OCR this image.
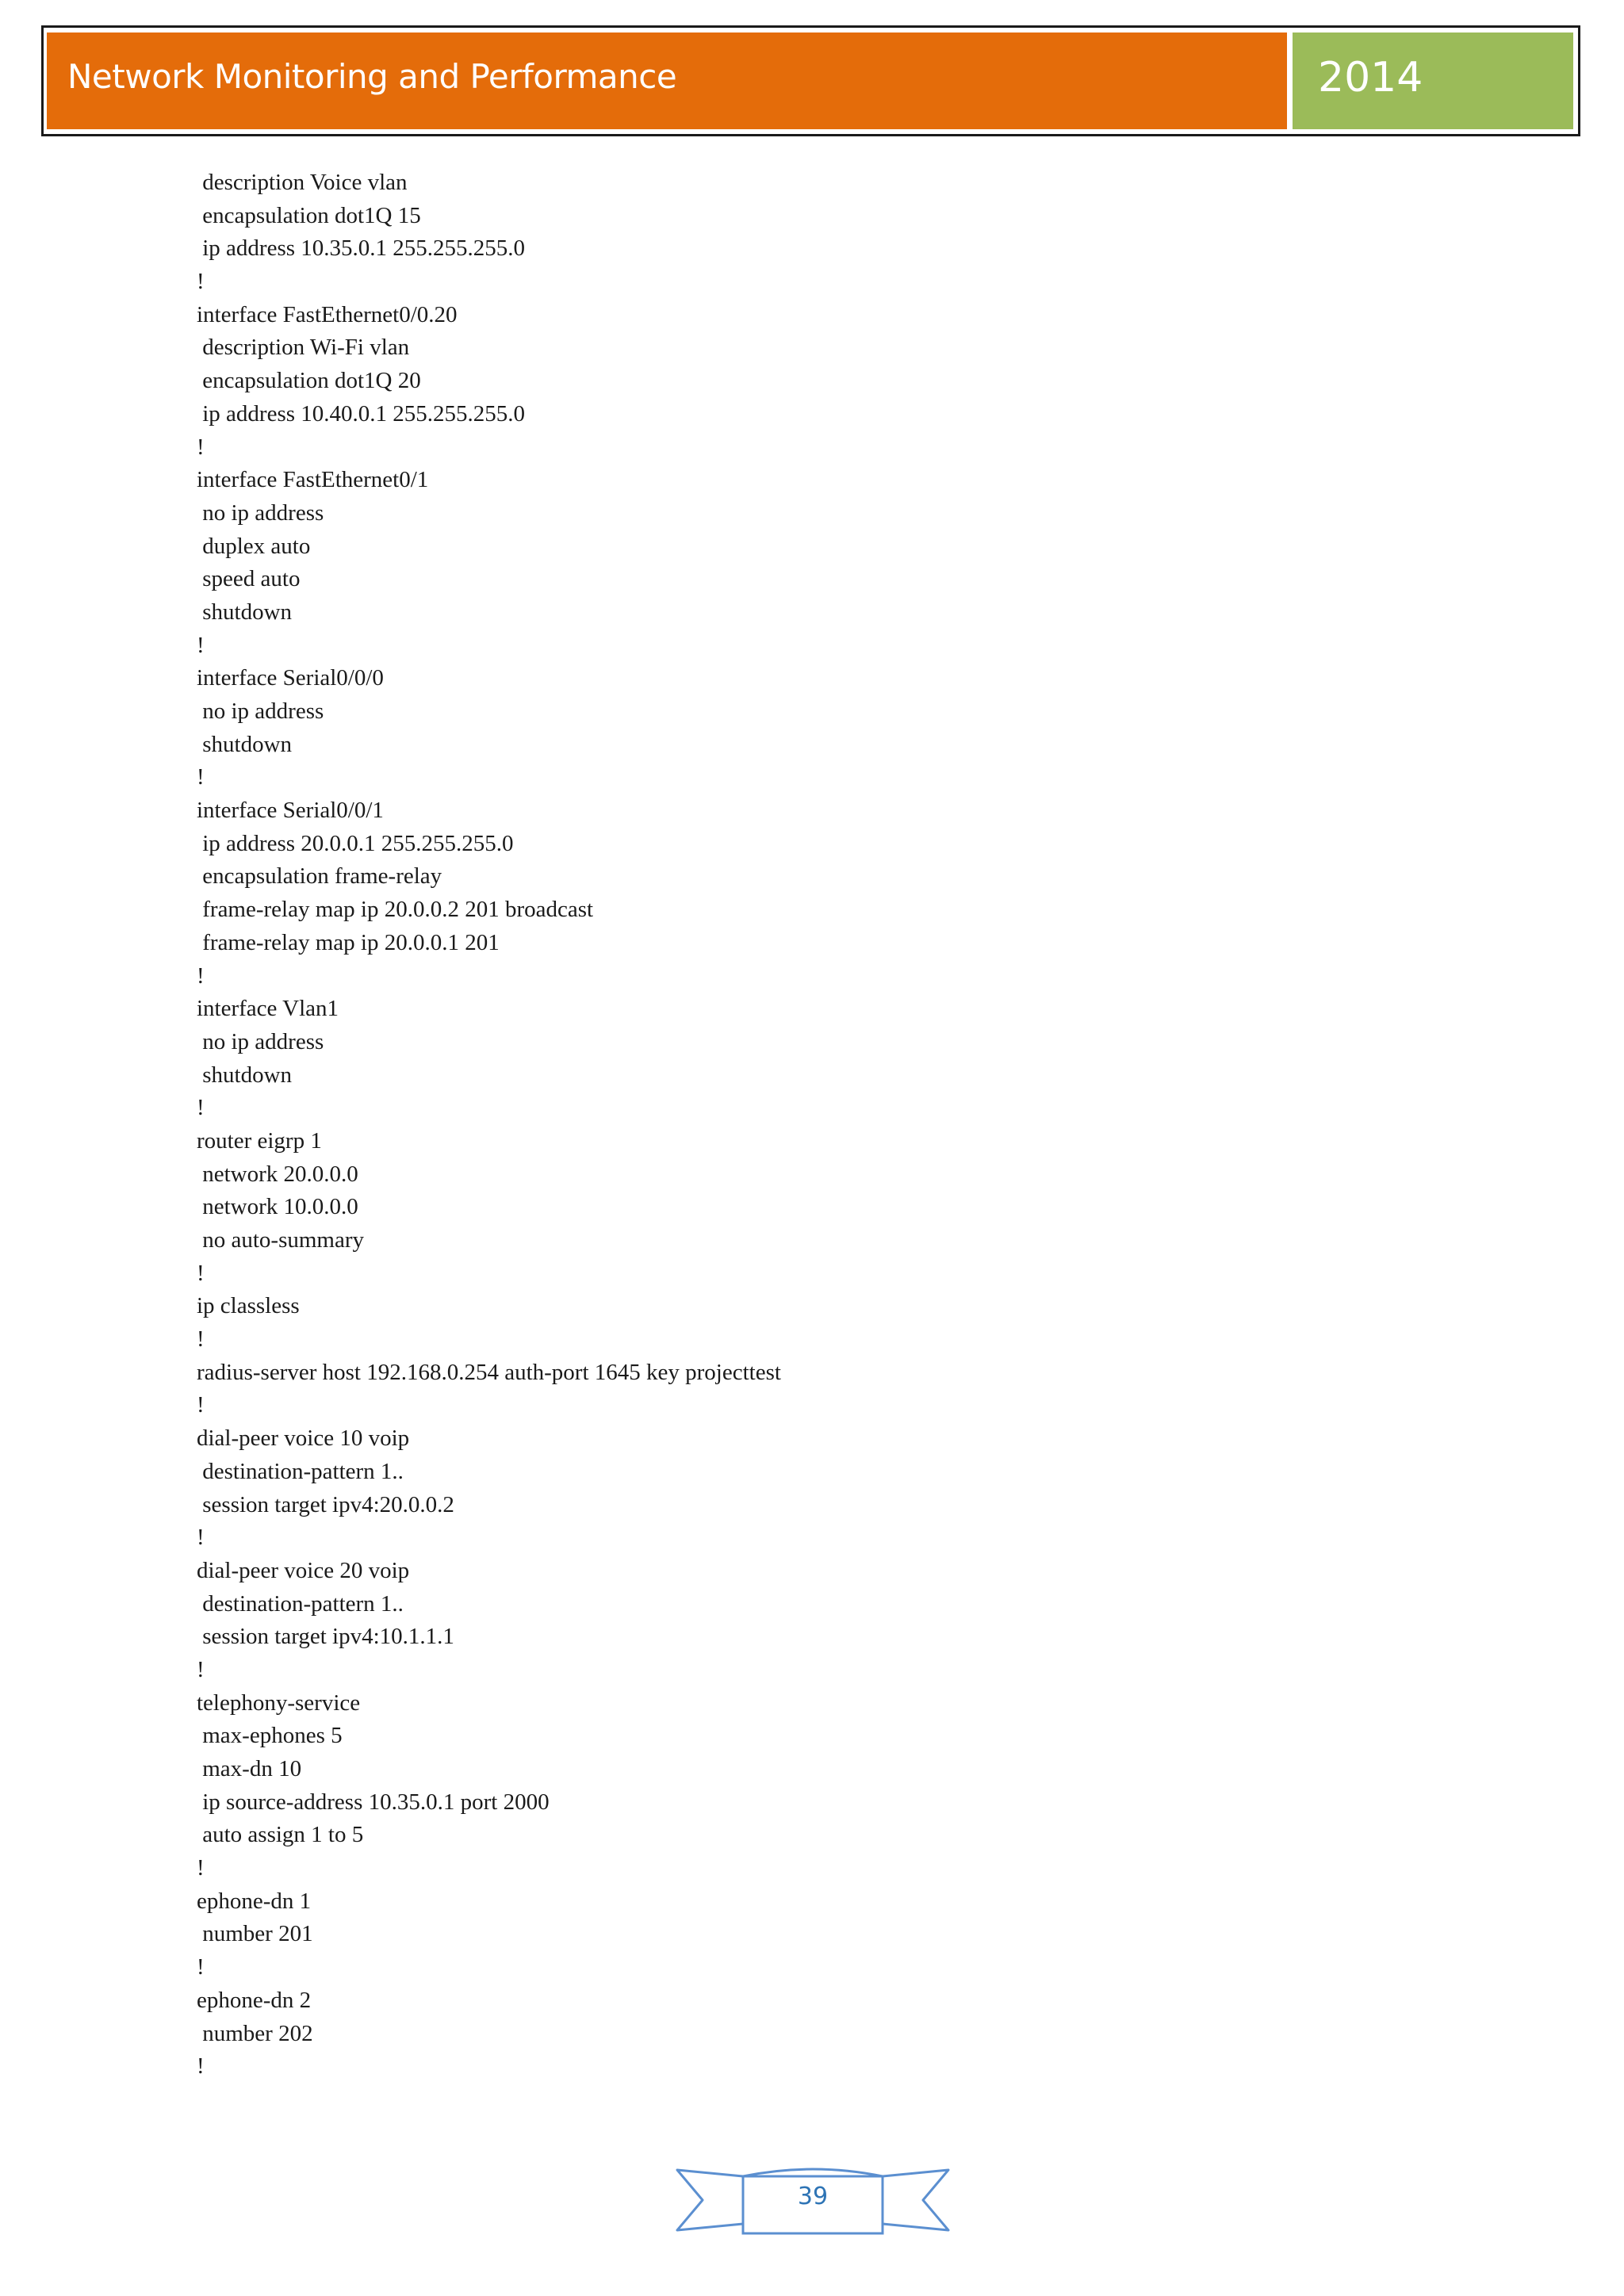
Network Monitoring and Performance	2014
description Voice vlan
encapsulation dot1Q 15
ip address 10.35.0.1 255.255.255.0
!
interface FastEthernet0/0.20
description Wi-Fi vlan
encapsulation dot1Q 20
ip address 10.40.0.1 255.255.255.0
!
interface FastEthernet0/1
no ip address
duplex auto
speed auto
shutdown
!
interface Serial0/0/0
no ip address
shutdown
!
interface Serial0/0/1
ip address 20.0.0.1 255.255.255.0
encapsulation frame-relay
frame-relay map ip 20.0.0.2 201 broadcast
frame-relay map ip 20.0.0.1 201
!
interface Vlan1
no ip address
shutdown
!
router eigrp 1
network 20.0.0.0
network 10.0.0.0
no auto-summary
!
ip classless
!
radius-server host 192.168.0.254 auth-port 1645 key projecttest
!
dial-peer voice 10 voip
destination-pattern 1..
session target ipv4:20.0.0.2
!
dial-peer voice 20 voip
destination-pattern 1..
session target ipv4:10.1.1.1
!
telephony-service
max-ephones 5
max-dn 10
ip source-address 10.35.0.1 port 2000
auto assign 1 to 5
!
ephone-dn 1
number 201
!
ephone-dn 2
number 202
!
39
